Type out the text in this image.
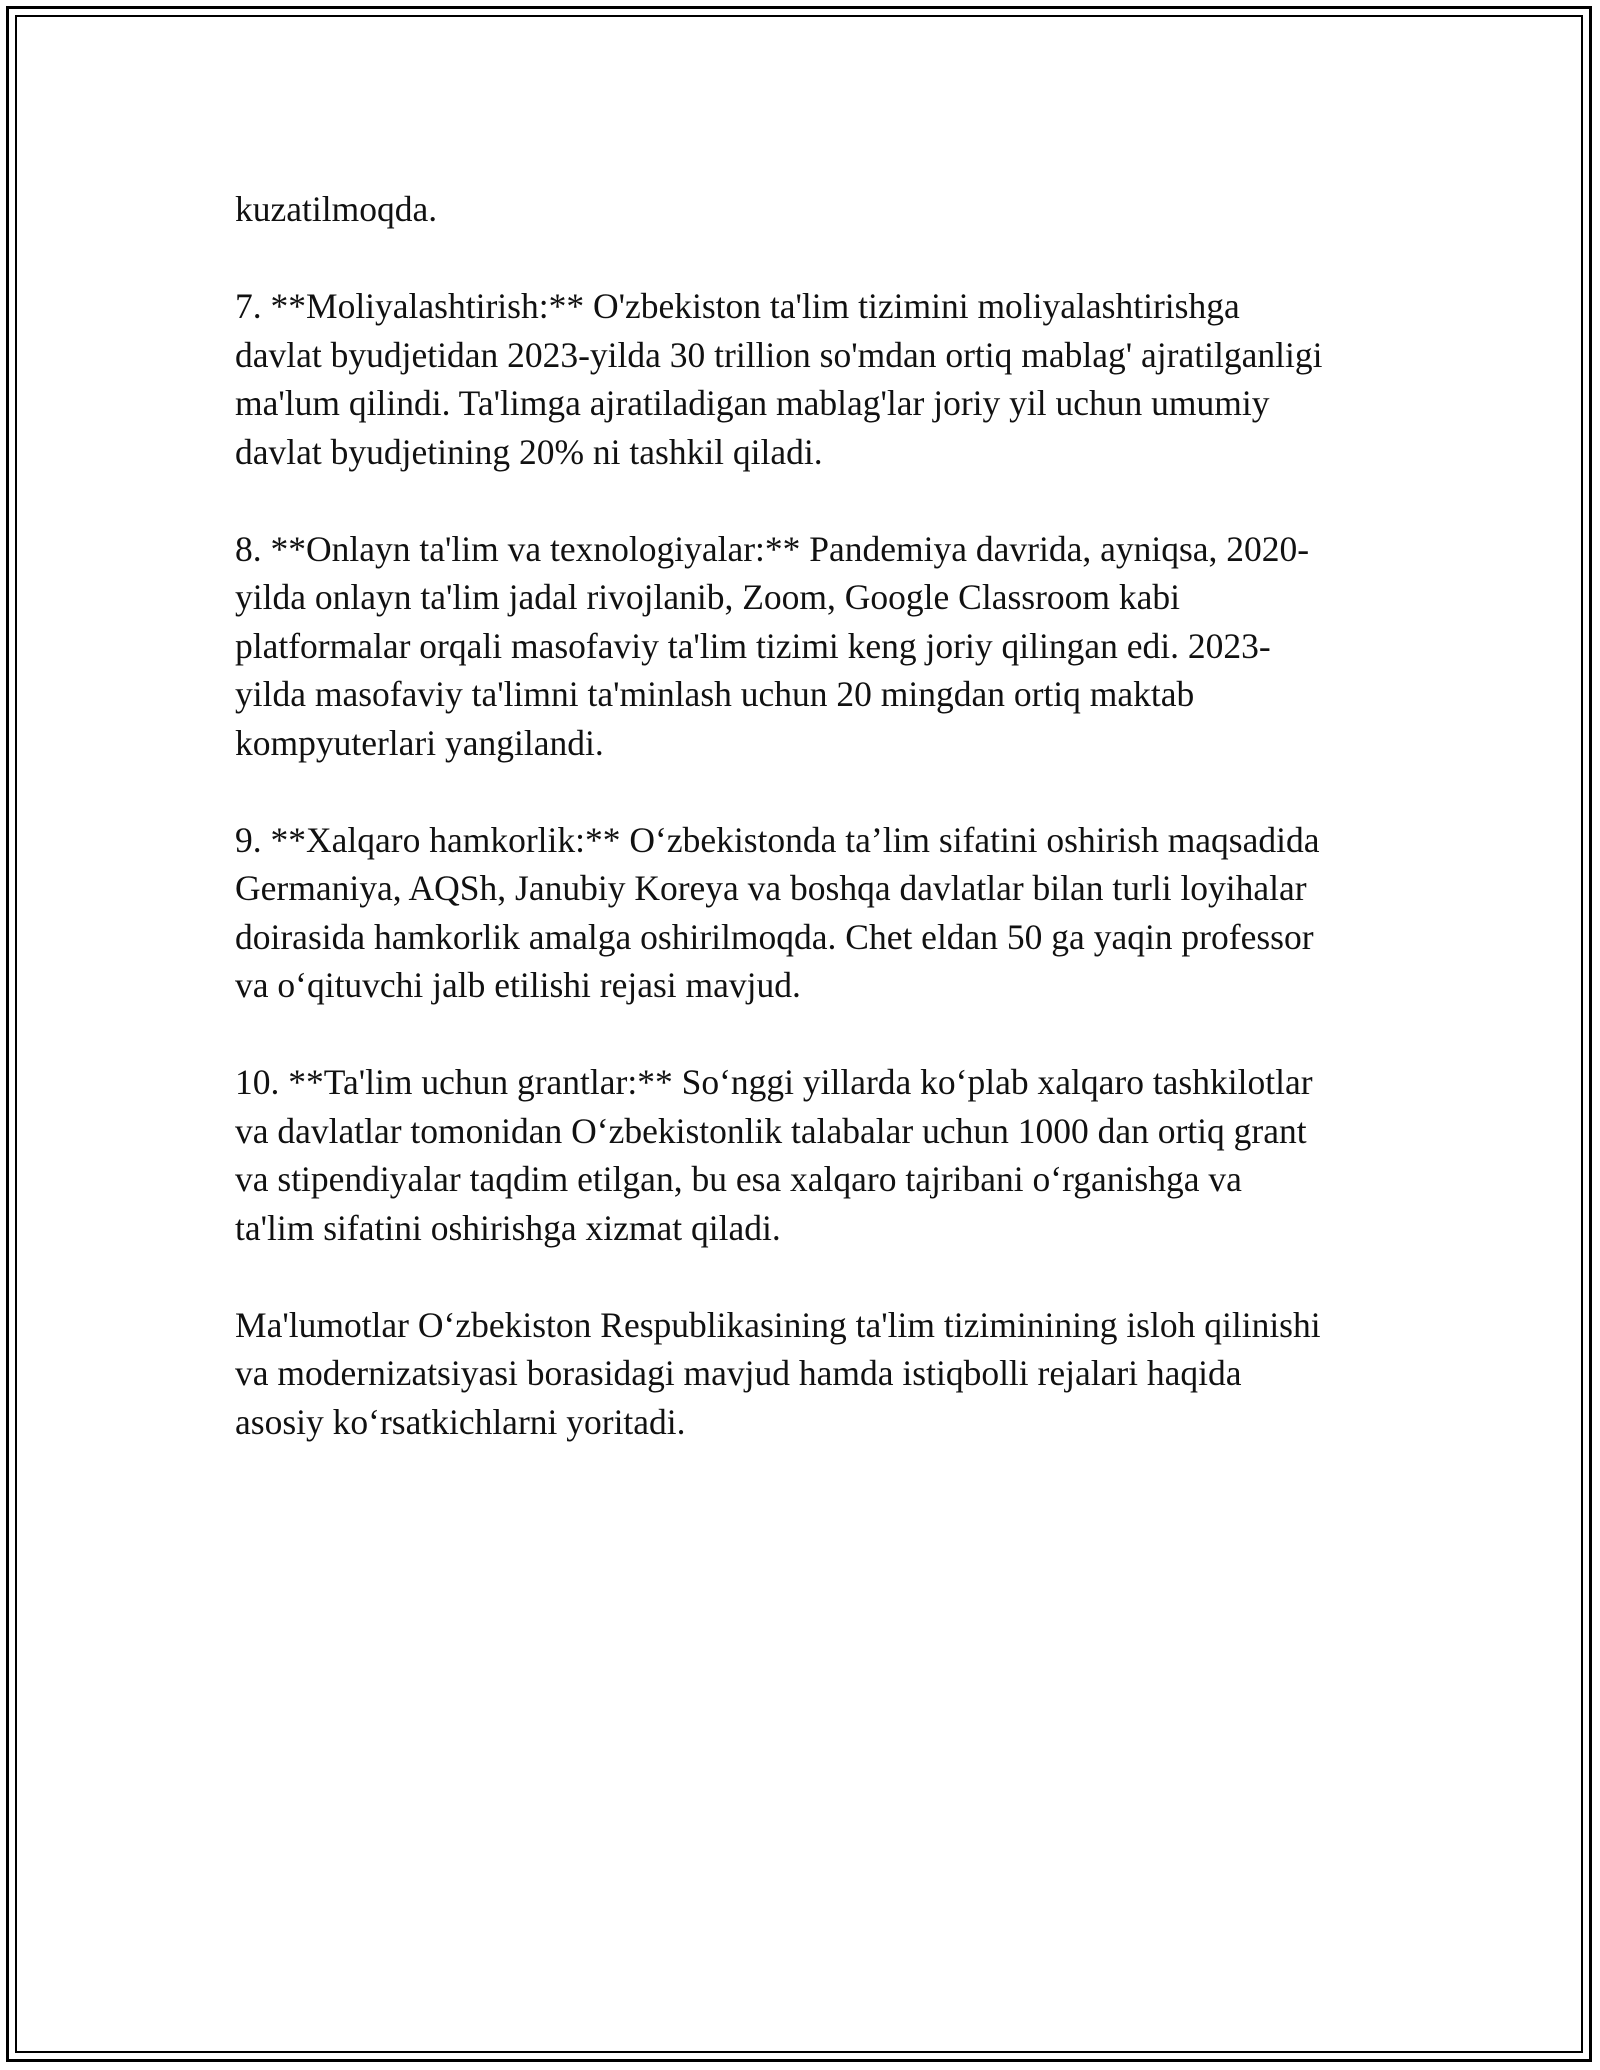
kuzatilmoqda.

7. **Moliyalashtirish:** O'zbekiston ta'lim tizimini moliyalashtirishga
davlat byudjetidan 2023-yilda 30 trillion so'mdan ortiq mablag' ajratilganligi
ma'lum qilindi. Ta'limga ajratiladigan mablag'lar joriy yil uchun umumiy
davlat byudjetining 20% ni tashkil qiladi.

8. **Onlayn ta'lim va texnologiyalar:** Pandemiya davrida, ayniqsa, 2020-
yilda onlayn ta'lim jadal rivojlanib, Zoom, Google Classroom kabi
platformalar orqali masofaviy ta'lim tizimi keng joriy qilingan edi. 2023-
yilda masofaviy ta'limni ta'minlash uchun 20 mingdan ortiq maktab
kompyuterlari yangilandi.

9. **Xalqaro hamkorlik:** O‘zbekistonda ta’lim sifatini oshirish maqsadida
Germaniya, AQSh, Janubiy Koreya va boshqa davlatlar bilan turli loyihalar
doirasida hamkorlik amalga oshirilmoqda. Chet eldan 50 ga yaqin professor
va o‘qituvchi jalb etilishi rejasi mavjud.

10. **Ta'lim uchun grantlar:** So‘nggi yillarda ko‘plab xalqaro tashkilotlar
va davlatlar tomonidan O‘zbekistonlik talabalar uchun 1000 dan ortiq grant
va stipendiyalar taqdim etilgan, bu esa xalqaro tajribani o‘rganishga va
ta'lim sifatini oshirishga xizmat qiladi.

Ma'lumotlar O‘zbekiston Respublikasining ta'lim tiziminining isloh qilinishi
va modernizatsiyasi borasidagi mavjud hamda istiqbolli rejalari haqida
asosiy ko‘rsatkichlarni yoritadi.
